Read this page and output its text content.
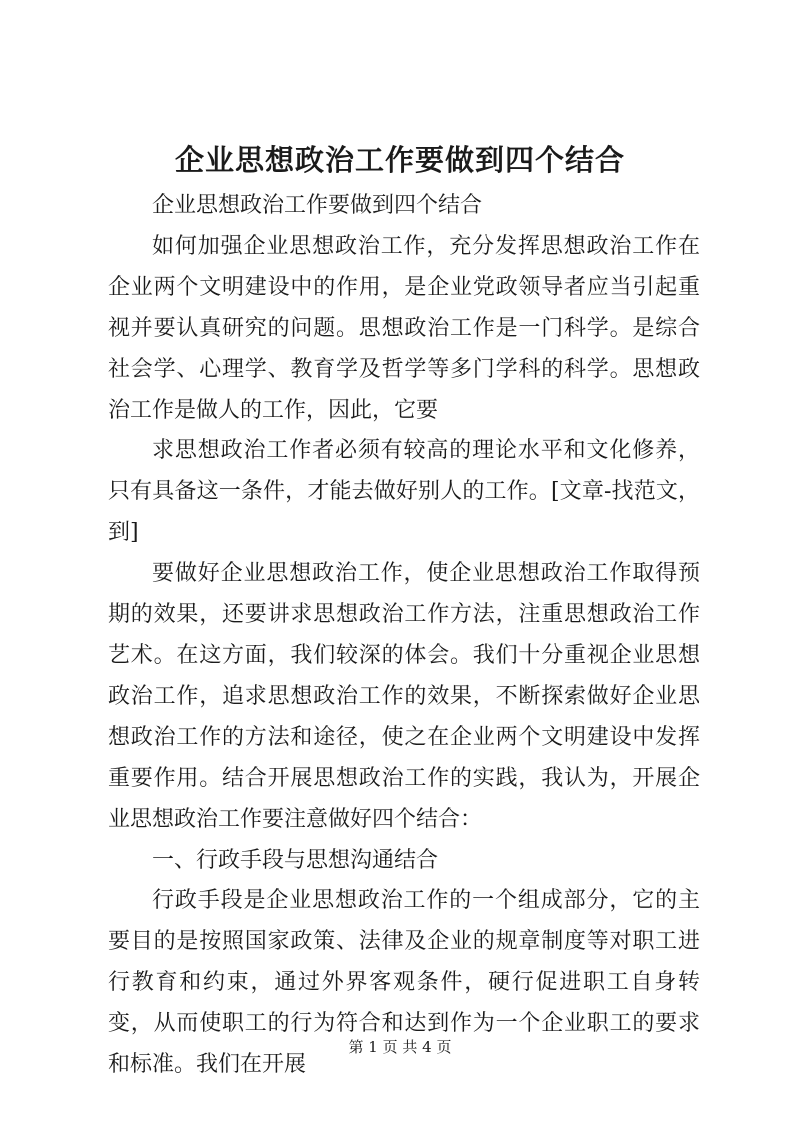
企业思想政治工作要做到四个结合

企业思想政治工作要做到四个结合

如何加强企业思想政治工作，充分发挥思想政治工作在企业两个文明建设中的作用，是企业党政领导者应当引起重视并要认真研究的问题。思想政治工作是一门科学。是综合社会学、心理学、教育学及哲学等多门学科的科学。思想政治工作是做人的工作，因此，它要

求思想政治工作者必须有较高的理论水平和文化修养，只有具备这一条件，才能去做好别人的工作。[文章-找范文，到]

要做好企业思想政治工作，使企业思想政治工作取得预期的效果，还要讲求思想政治工作方法，注重思想政治工作艺术。在这方面，我们较深的体会。我们十分重视企业思想政治工作，追求思想政治工作的效果，不断探索做好企业思想政治工作的方法和途径，使之在企业两个文明建设中发挥重要作用。结合开展思想政治工作的实践，我认为，开展企业思想政治工作要注意做好四个结合：

一、行政手段与思想沟通结合

行政手段是企业思想政治工作的一个组成部分，它的主要目的是按照国家政策、法律及企业的规章制度等对职工进行教育和约束，通过外界客观条件，硬行促进职工自身转变，从而使职工的行为符合和达到作为一个企业职工的要求和标准。我们在开展

第 1 页 共 4 页
